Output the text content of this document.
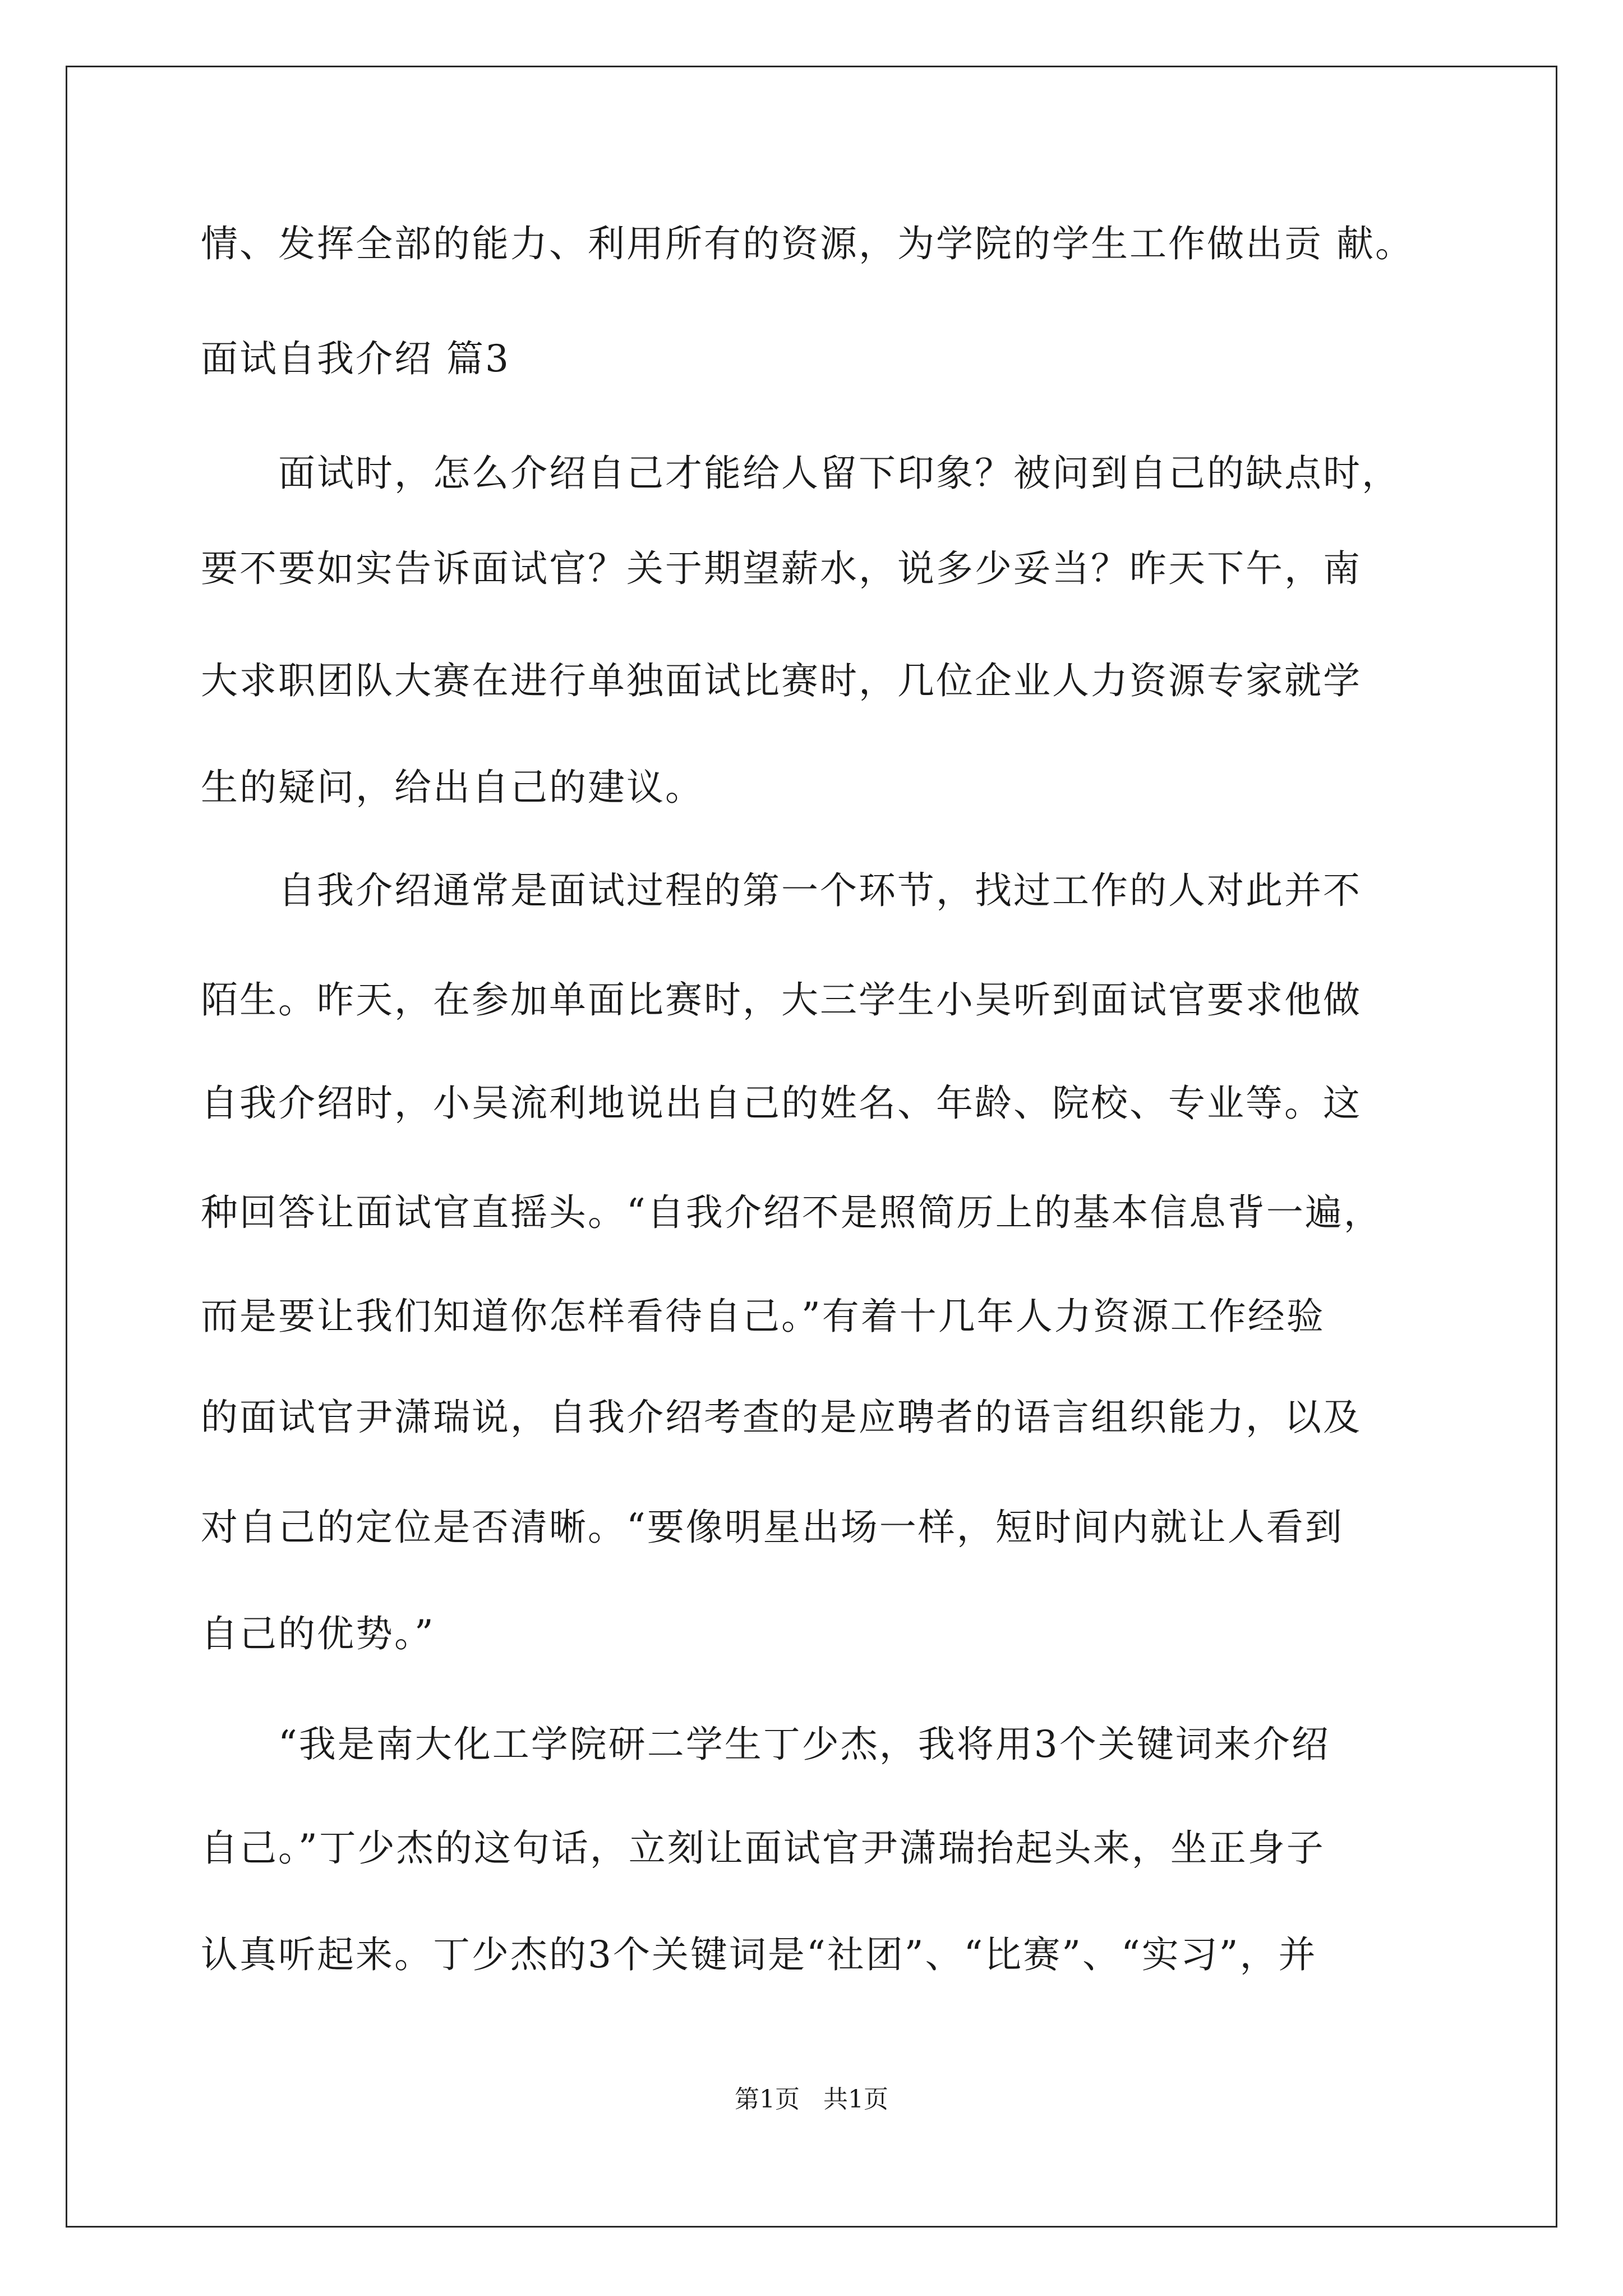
情、发挥全部的能力、利用所有的资源，为学院的学生工作做出贡 献。
面试自我介绍 篇3
　　面试时，怎么介绍自己才能给人留下印象？被问到自己的缺点时，
要不要如实告诉面试官？关于期望薪水，说多少妥当？昨天下午，南
大求职团队大赛在进行单独面试比赛时，几位企业人力资源专家就学
生的疑问，给出自己的建议。
　　自我介绍通常是面试过程的第一个环节，找过工作的人对此并不
陌生。昨天，在参加单面比赛时，大三学生小吴听到面试官要求他做
自我介绍时，小吴流利地说出自己的姓名、年龄、院校、专业等。这
种回答让面试官直摇头。“自我介绍不是照简历上的基本信息背一遍，
而是要让我们知道你怎样看待自己。”有着十几年人力资源工作经验
的面试官尹潇瑞说，自我介绍考查的是应聘者的语言组织能力，以及
对自己的定位是否清晰。“要像明星出场一样，短时间内就让人看到
自己的优势。”
　　“我是南大化工学院研二学生丁少杰，我将用3个关键词来介绍
自己。”丁少杰的这句话，立刻让面试官尹潇瑞抬起头来，坐正身子
认真听起来。丁少杰的3个关键词是“社团”、“比赛”、“实习”，并
第1页   共1页
